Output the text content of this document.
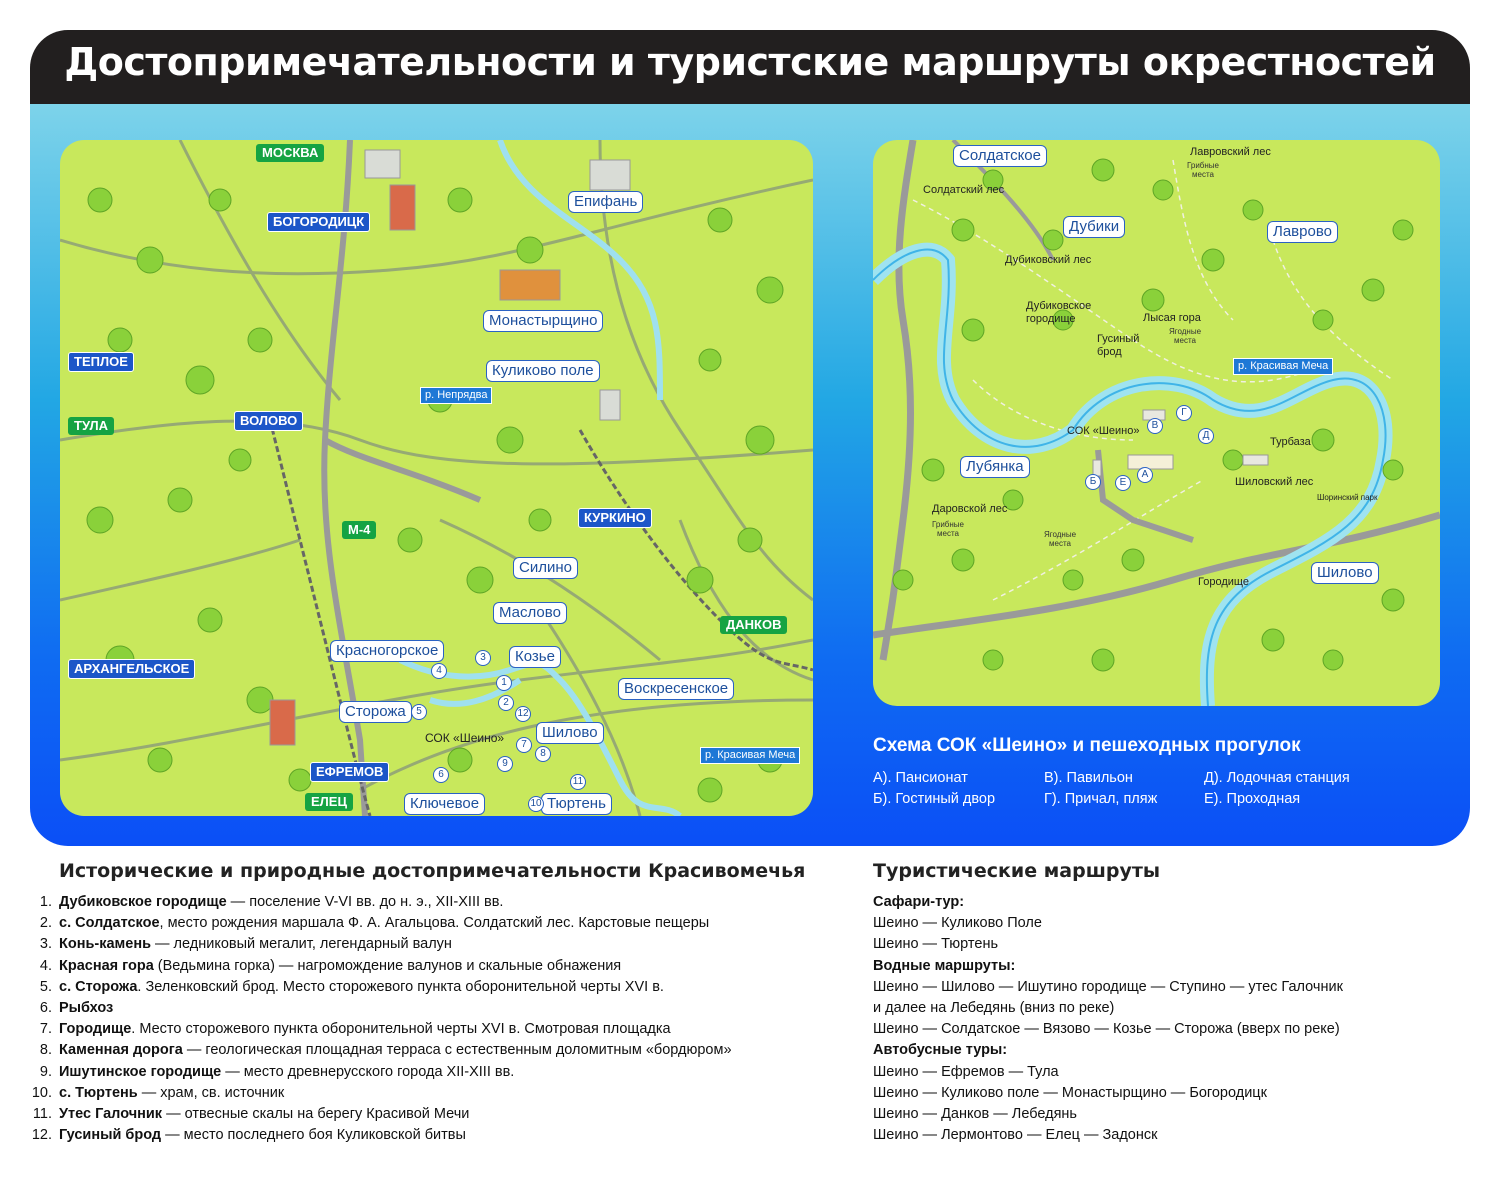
Достопримечательности и туристские маршруты окрестностей
МОСКВА
ТУЛА
ДАНКОВ
ЕЛЕЦ
М-4
БОГОРОДИЦК
ТЕПЛОЕ
ВОЛОВО
КУРКИНО
АРХАНГЕЛЬСКОЕ
ЕФРЕМОВ
Епифань
Монастырщино
Куликово поле
Силино
Маслово
Козье
Красногорское
Воскресенское
Сторожа
Шилово
Ключевое	Тюртень
р. Непрядва
р. Красивая Меча
СОК «Шеино»
1
2
3
4
5
6
7
8
9
10
11
12
Солдатское
Дубики	Лаврово
Лубянка
Шилово
р. Красивая Меча
Лавровский лес
Солдатский лес
Дубиковский лес
Дубиковское городище	Лысая гора
Гусиный брод
СОК «Шеино»
Турбаза
Шиловский лес
Даровской лес
Городище
Шоринский парк
Грибные места
Ягодные места
Грибные места	Ягодные места
А
Б
В
Г
Д
Е
Схема СОК «Шеино» и пешеходных прогулок
А). Пансионат
Б). Гостиный двор
В). Павильон
Г). Причал, пляж
Д). Лодочная станция
Е). Проходная
Исторические и природные достопримечательности Красивомечья
1. Дубиковское городище — поселение V-VI вв. до н. э., XII-XIII вв.
2. с. Солдатское, место рождения маршала Ф. А. Агальцова. Солдатский лес. Карстовые пещеры
3. Конь-камень — ледниковый мегалит, легендарный валун
4. Красная гора (Ведьмина горка) — нагромождение валунов и скальные обнажения
5. с. Сторожа. Зеленковский брод. Место сторожевого пункта оборонительной черты XVI в.
6. Рыбхоз
7. Городище. Место сторожевого пункта оборонительной черты XVI в. Смотровая площадка
8. Каменная дорога — геологическая площадная терраса с естественным доломитным «бордюром»
9. Ишутинское городище — место древнерусского города XII-XIII вв.
10. с. Тюртень — храм, св. источник
11. Утес Галочник — отвесные скалы на берегу Красивой Мечи
12. Гусиный брод — место последнего боя Куликовской битвы
Туристические маршруты
Сафари-тур:
Шеино — Куликово Поле
Шеино — Тюртень
Водные маршруты:
Шеино — Шилово — Ишутино городище — Ступино — утес Галочник
и далее на Лебедянь (вниз по реке)
Шеино — Солдатское — Вязово — Козье — Сторожа (вверх по реке)
Автобусные туры:
Шеино — Ефремов — Тула
Шеино — Куликово поле — Монастырщино — Богородицк
Шеино — Данков — Лебедянь
Шеино — Лермонтово — Елец — Задонск
